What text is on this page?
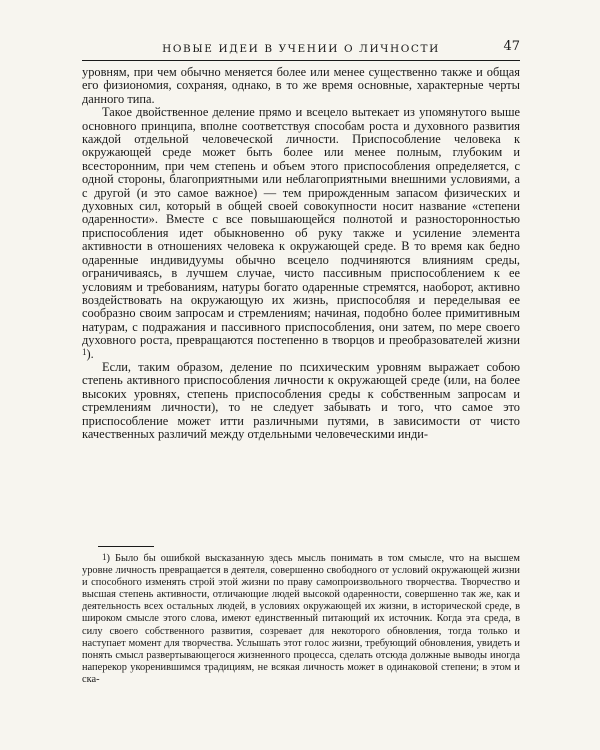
НОВЫЕ ИДЕИ В УЧЕНИИ О ЛИЧНОСТИ	47

уровням, при чем обычно меняется более или менее существенно также и общая его физиономия, сохраняя, однако, в то же время основные, характерные черты данного типа.

Такое двойственное деление прямо и всецело вытекает из упомянутого выше основного принципа, вполне соответствуя способам роста и духовного развития каждой отдельной человеческой личности. Приспособление человека к окружающей среде может быть более или менее полным, глубоким и всесторонним, при чем степень и объем этого приспособления определяется, с одной стороны, благоприятными или неблагоприятными внешними условиями, а с другой (и это самое важное) — тем прирожденным запасом физических и духовных сил, который в общей своей совокупности носит название «степени одаренности». Вместе с все повышающейся полнотой и разносторонностью приспособления идет обыкновенно об руку также и усиление элемента активности в отношениях человека к окружающей среде. В то время как бедно одаренные индивидуумы обычно всецело подчиняются влияниям среды, ограничиваясь, в лучшем случае, чисто пассивным приспособлением к ее условиям и требованиям, натуры богато одаренные стремятся, наоборот, активно воздействовать на окружающую их жизнь, приспособляя и переделывая ее сообразно своим запросам и стремлениям; начиная, подобно более примитивным натурам, с подражания и пассивного приспособления, они затем, по мере своего духовного роста, превращаются постепенно в творцов и преобразователей жизни $^1$).

Если, таким образом, деление по психическим уровням выражает собою степень активного приспособления личности к окружающей среде (или, на более высоких уровнях, степень приспособления среды к собственным запросам и стремлениям личности), то не следует забывать и того, что самое это приспособление может итти различными путями, в зависимости от чисто качественных различий между отдельными человеческими инди-

1) Было бы ошибкой высказанную здесь мысль понимать в том смысле, что на высшем уровне личность превращается в деятеля, совершенно свободного от условий окружающей жизни и способного изменять строй этой жизни по праву самопроизвольного творчества. Творчество и высшая степень активности, отличающие людей высокой одаренности, совершенно так же, как и деятельность всех остальных людей, в условиях окружающей их жизни, в исторической среде, в широком смысле этого слова, имеют единственный питающий их источник. Когда эта среда, в силу своего собственного развития, созревает для некоторого обновления, тогда только и наступает момент для творчества. Услышать этот голос жизни, требующий обновления, увидеть и понять смысл развертывающегося жизненного процесса, сделать отсюда должные выводы иногда наперекор укоренившимся традициям, не всякая личность может в одинаковой степени; в этом и ска-
